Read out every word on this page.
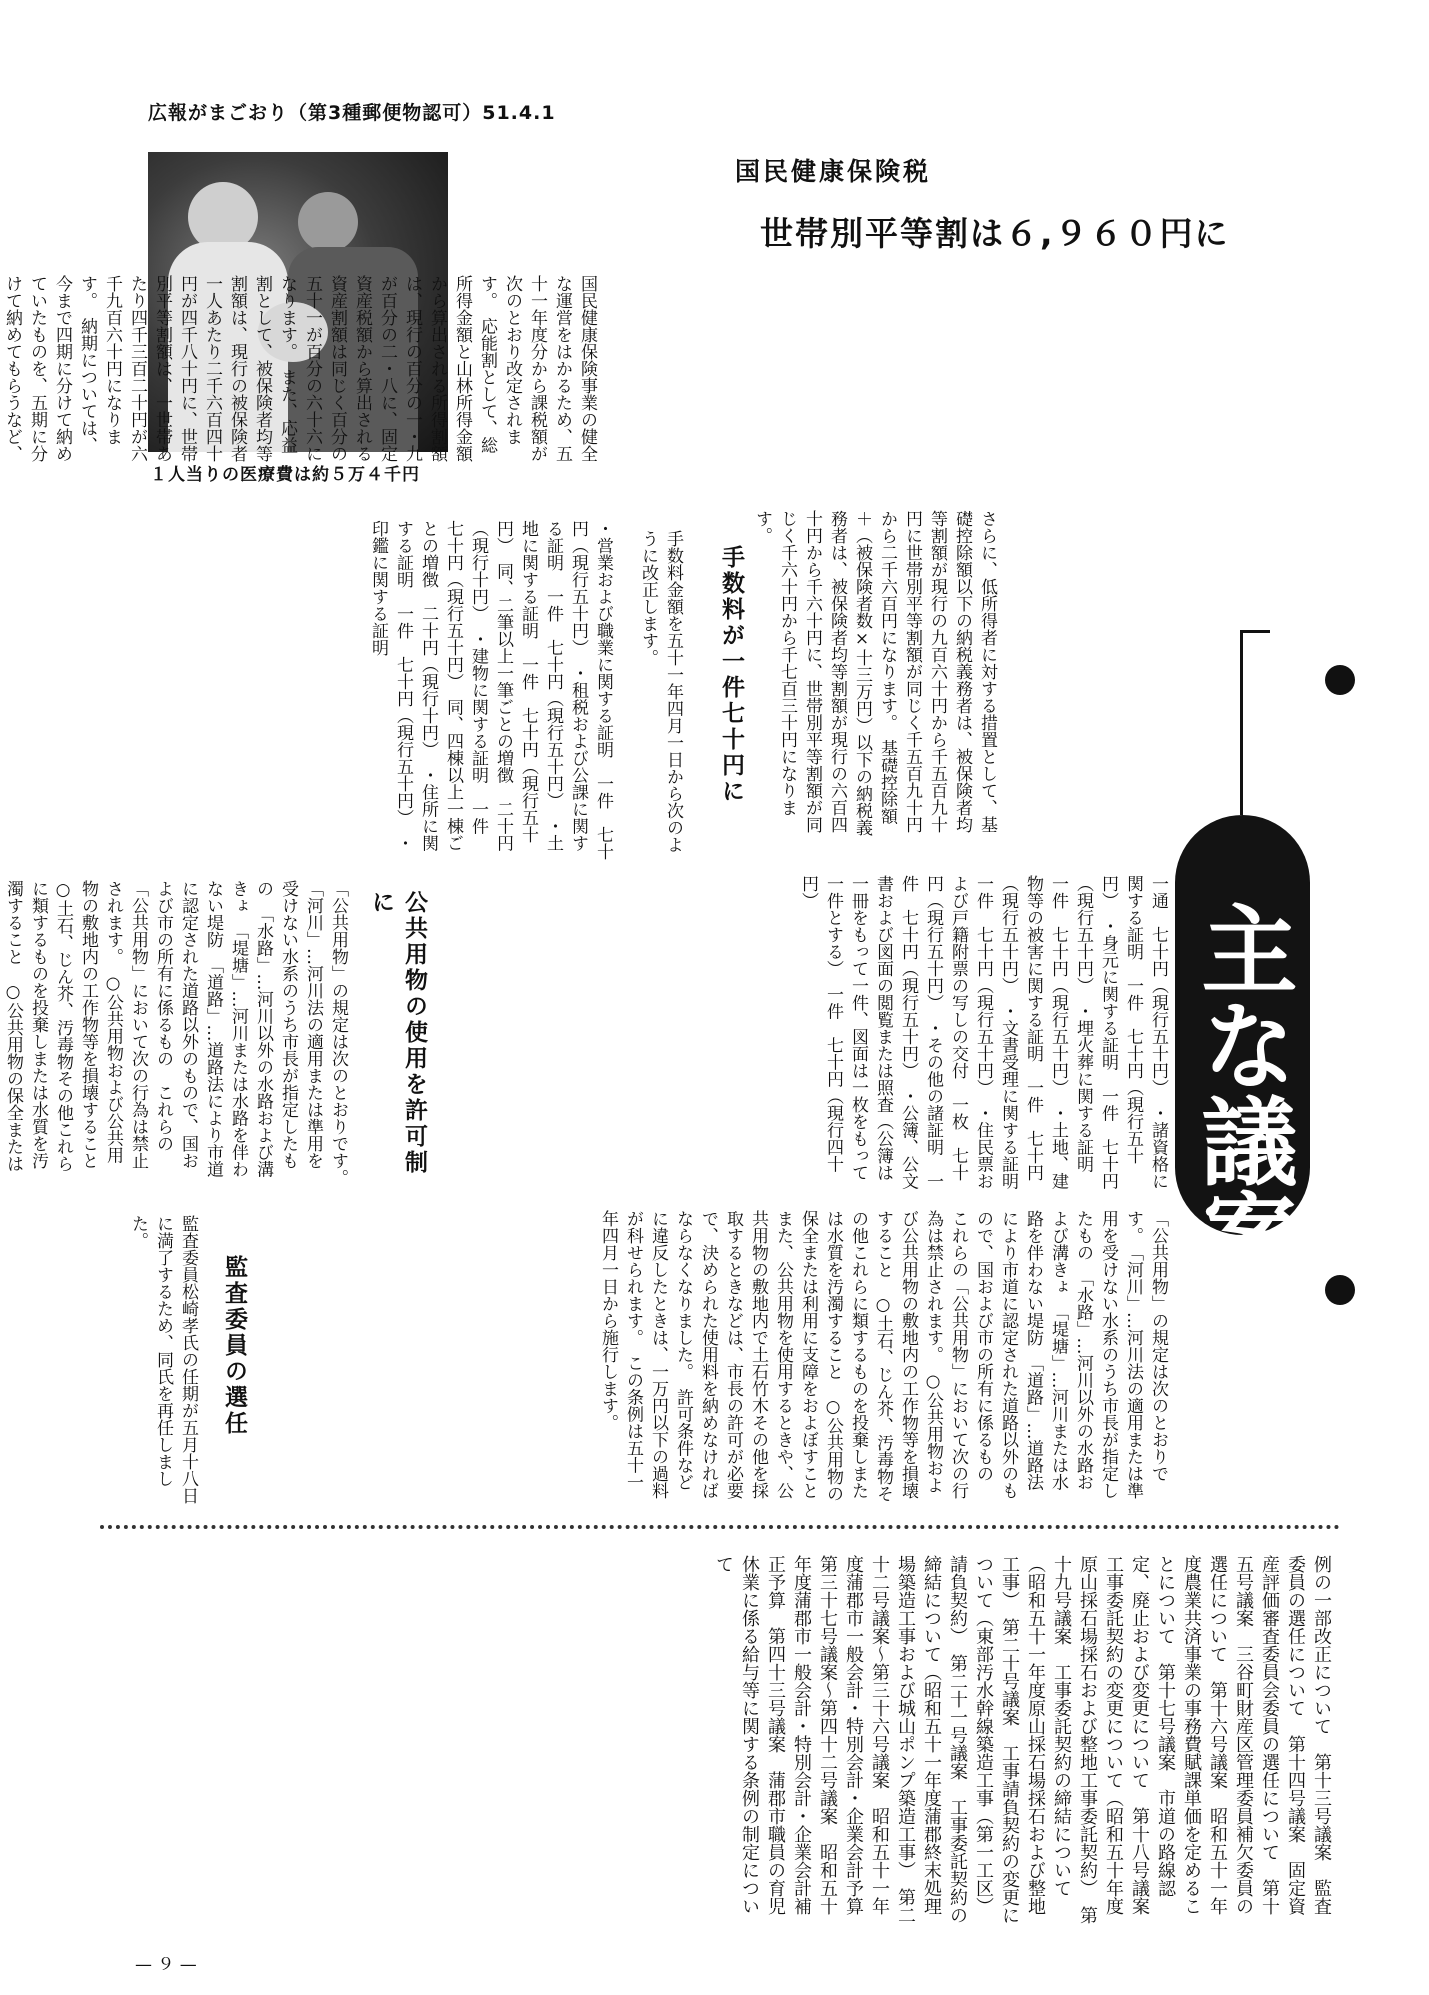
広報がまごおり（第3種郵便物認可）51.4.1
１人当りの医療費は約５万４千円
国民健康保険税
世帯別平等割は６,９６０円に
国民健康保険事業の健全な運営をはかるため、五十一年度分から課税額が次のとおり改定されます。　応能割として、総所得金額と山林所得金額から算出される所得割額は、現行の百分の一・九が百分の二・八に、固定資産税額から算出される資産割額は同じく百分の五十一が百分の六十六になります。　また、応益割として、被保険者均等割額は、現行の被保険者一人あたり二千六百四十円が四千八十円に、世帯別平等割額は、一世帯あたり四千三百二十円が六千九百六十円になります。　納期については、今まで四期に分けて納めていたものを、五期に分けて納めてもらうなど、
さらに、低所得者に対する措置として、基礎控除額以下の納税義務者は、被保険者均等割額が現行の九百六十円から千五百九十円に世帯別平等割額が同じく千五百九十円から二千六百円になります。　基礎控除額＋（被保険者数×十三万円）以下の納税義務者は、被保険者均等割額が現行の六百四十円から千六十円に、世帯別平等割額が同じく千六十円から千七百三十円になります。
手数料が一件七十円に
手数料金額を五十一年四月一日から次のように改正します。
・営業および職業に関する証明　一件　七十円（現行五十円）　・租税および公課に関する証明　一件　七十円（現行五十円）　・土地に関する証明　一件　七十円（現行五十円）　同、二筆以上一筆ごとの増徴　二十円（現行十円）　・建物に関する証明　一件　七十円（現行五十円）　同、四棟以上一棟ごとの増徴　二十円（現行十円）　・住所に関する証明　一件　七十円（現行五十円）　・印鑑に関する証明
一通　七十円（現行五十円）　・諸資格に関する証明　一件　七十円（現行五十円）　・身元に関する証明　一件　七十円（現行五十円）　・埋火葬に関する証明　一件　七十円（現行五十円）　・土地、建物等の被害に関する証明　一件　七十円（現行五十円）　・文書受理に関する証明　一件　七十円（現行五十円）　・住民票および戸籍附票の写しの交付　一枚　七十円（現行五十円）　・その他の諸証明　一件　七十円（現行五十円）　・公簿、公文書および図面の閲覧または照査（公簿は一冊をもって一件、図面は一枚をもって一件とする）　一件　七十円（現行四十円）
公共用物の使用を許可制に
「公共用物」の規定は次のとおりです。　「河川」…河川法の適用または準用を受けない水系のうち市長が指定したもの　「水路」…河川以外の水路および溝きょ　「堤塘」…河川または水路を伴わない堤防　「道路」…道路法により市道に認定された道路以外のもので、国および市の所有に係るもの　これらの「公共用物」において次の行為は禁止されます。　○公共用物および公共用物の敷地内の工作物等を損壊すること　○土石、じん芥、汚毒物その他これらに類するものを投棄しまたは水質を汚濁すること　○公共用物の保全または利用に支障をおよぼすこと　また、公共用物を使用するときや、公共用物の敷地内で土石竹木その他を採取するときなどは、市長の許可が必要で、決められた使用料を納めなければならなくなりました。　許可条件などに違反したときは、一万円以下の過料が科せられます。　この条例は五十一年四月一日から施行します。
「公共用物」の規定は次のとおりです。　「河川」…河川法の適用または準用を受けない水系のうち市長が指定したもの　「水路」…河川以外の水路および溝きょ　「堤塘」…河川または水路を伴わない堤防　「道路」…道路法により市道に認定された道路以外のもので、国および市の所有に係るもの　これらの「公共用物」において次の行為は禁止されます。　○公共用物および公共用物の敷地内の工作物等を損壊すること　○土石、じん芥、汚毒物その他これらに類するものを投棄しまたは水質を汚濁すること　○公共用物の保全または　　　
監査委員の選任
監査委員松崎孝氏の任期が五月十八日に満了するため、同氏を再任しました。	主な議案
例の一部改正について　第十三号議案　監査委員の選任について　第十四号議案　固定資産評価審査委員会委員の選任について　第十五号議案　三谷町財産区管理委員補欠委員の選任について　第十六号議案　昭和五十一年度農業共済事業の事務費賦課単価を定めることについて　第十七号議案　市道の路線認定、廃止および変更について　第十八号議案　工事委託契約の変更について（昭和五十年度原山採石場採石および整地工事委託契約）　第十九号議案　工事委託契約の締結について（昭和五十一年度原山採石場採石および整地工事）　第二十号議案　工事請負契約の変更について（東部汚水幹線築造工事（第一工区）請負契約）　第二十一号議案　工事委託契約の締結について（昭和五十一年度蒲郡終末処理場築造工事および城山ポンプ築造工事）　第二十二号議案～第三十六号議案　昭和五十一年度蒲郡市一般会計・特別会計・企業会計予算　第三十七号議案～第四十二号議案　昭和五十年度蒲郡市一般会計・特別会計・企業会計補正予算　第四十三号議案　蒲郡市職員の育児休業に係る給与等に関する条例の制定について
— ９ —
